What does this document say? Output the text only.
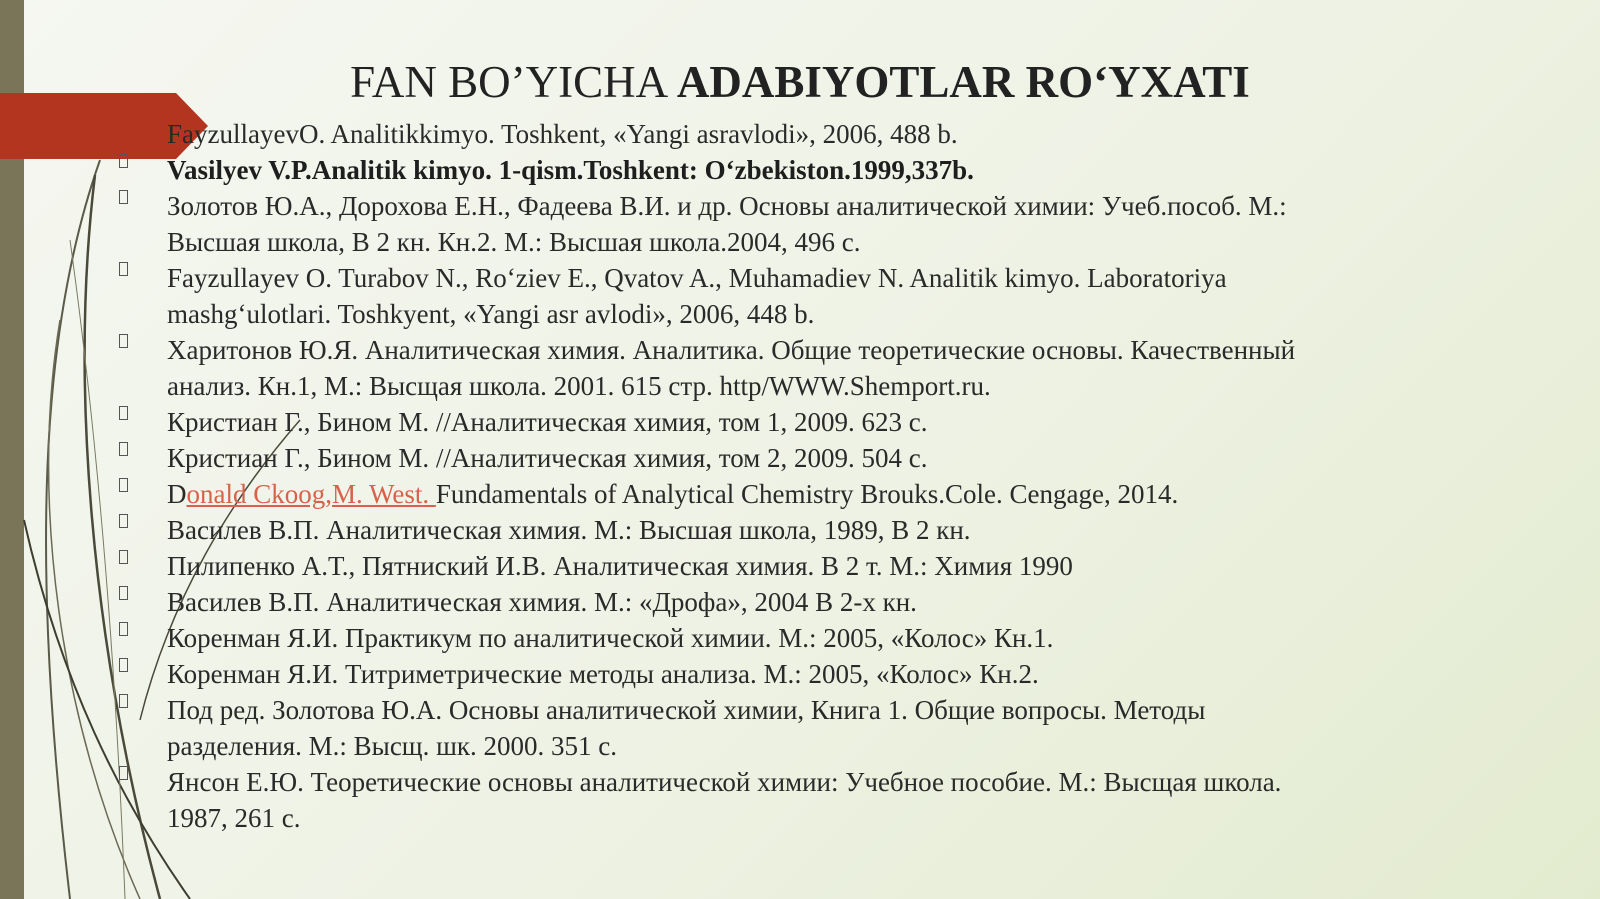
FAN BO’YICHA ADABIYOTLAR RO‘YXATI

FayzullayevO. Analitikkimyo. Toshkent, «Yangi asravlodi», 2006, 488 b.

Vasilyev V.P.Analitik kimyo. 1-qism.Toshkent: O‘zbekiston.1999,337b.

Золотов Ю.А., Дорохова Е.Н., Фадеева В.И. и др. Основы аналитической химии: Учеб.пособ. М.:
Высшая школа, В 2 кн. Кн.2. М.: Высшая школа.2004, 496 с.

Fayzullayev O. Turabov N., Ro‘ziev E., Qvatov A., Muhamadiev N. Analitik kimyo. Laboratoriya
mashg‘ulotlari. Toshkyent, «Yangi asr avlodi», 2006, 448 b.

Харитонов Ю.Я. Аналитическая химия. Аналитика. Общие теоретические основы. Качественный
анализ. Кн.1, М.: Высщая школа. 2001. 615 стр. http/WWW.Shemport.ru.

Кристиан Г., Бином М. //Аналитическая химия, том 1, 2009. 623 с.

Кристиан Г., Бином М. //Аналитическая химия, том 2, 2009. 504 с.

Donald Ckoog,M. West. Fundamentals of Analytical Chemistry Brouks.Cole. Cengage, 2014.

Василев В.П. Аналитическая химия. М.: Высшая школа, 1989, В 2 кн.

Пилипенко А.Т., Пятниский И.В. Аналитическая химия. В 2 т. М.: Химия 1990

Василев В.П. Аналитическая химия. М.: «Дрофа», 2004 В 2-х кн.

Коренман Я.И. Практикум по аналитической химии. М.: 2005, «Колос» Кн.1.

Коренман Я.И. Титриметрические методы анализа. М.: 2005, «Колос» Кн.2.

Под ред. Золотова Ю.А. Основы аналитической химии, Книга 1. Общие вопросы. Методы
разделения. М.: Высщ. шк. 2000. 351 с.

Янсон Е.Ю. Теоретические основы аналитической химии: Учебное пособие. М.: Высщая школа.
1987, 261 с.
